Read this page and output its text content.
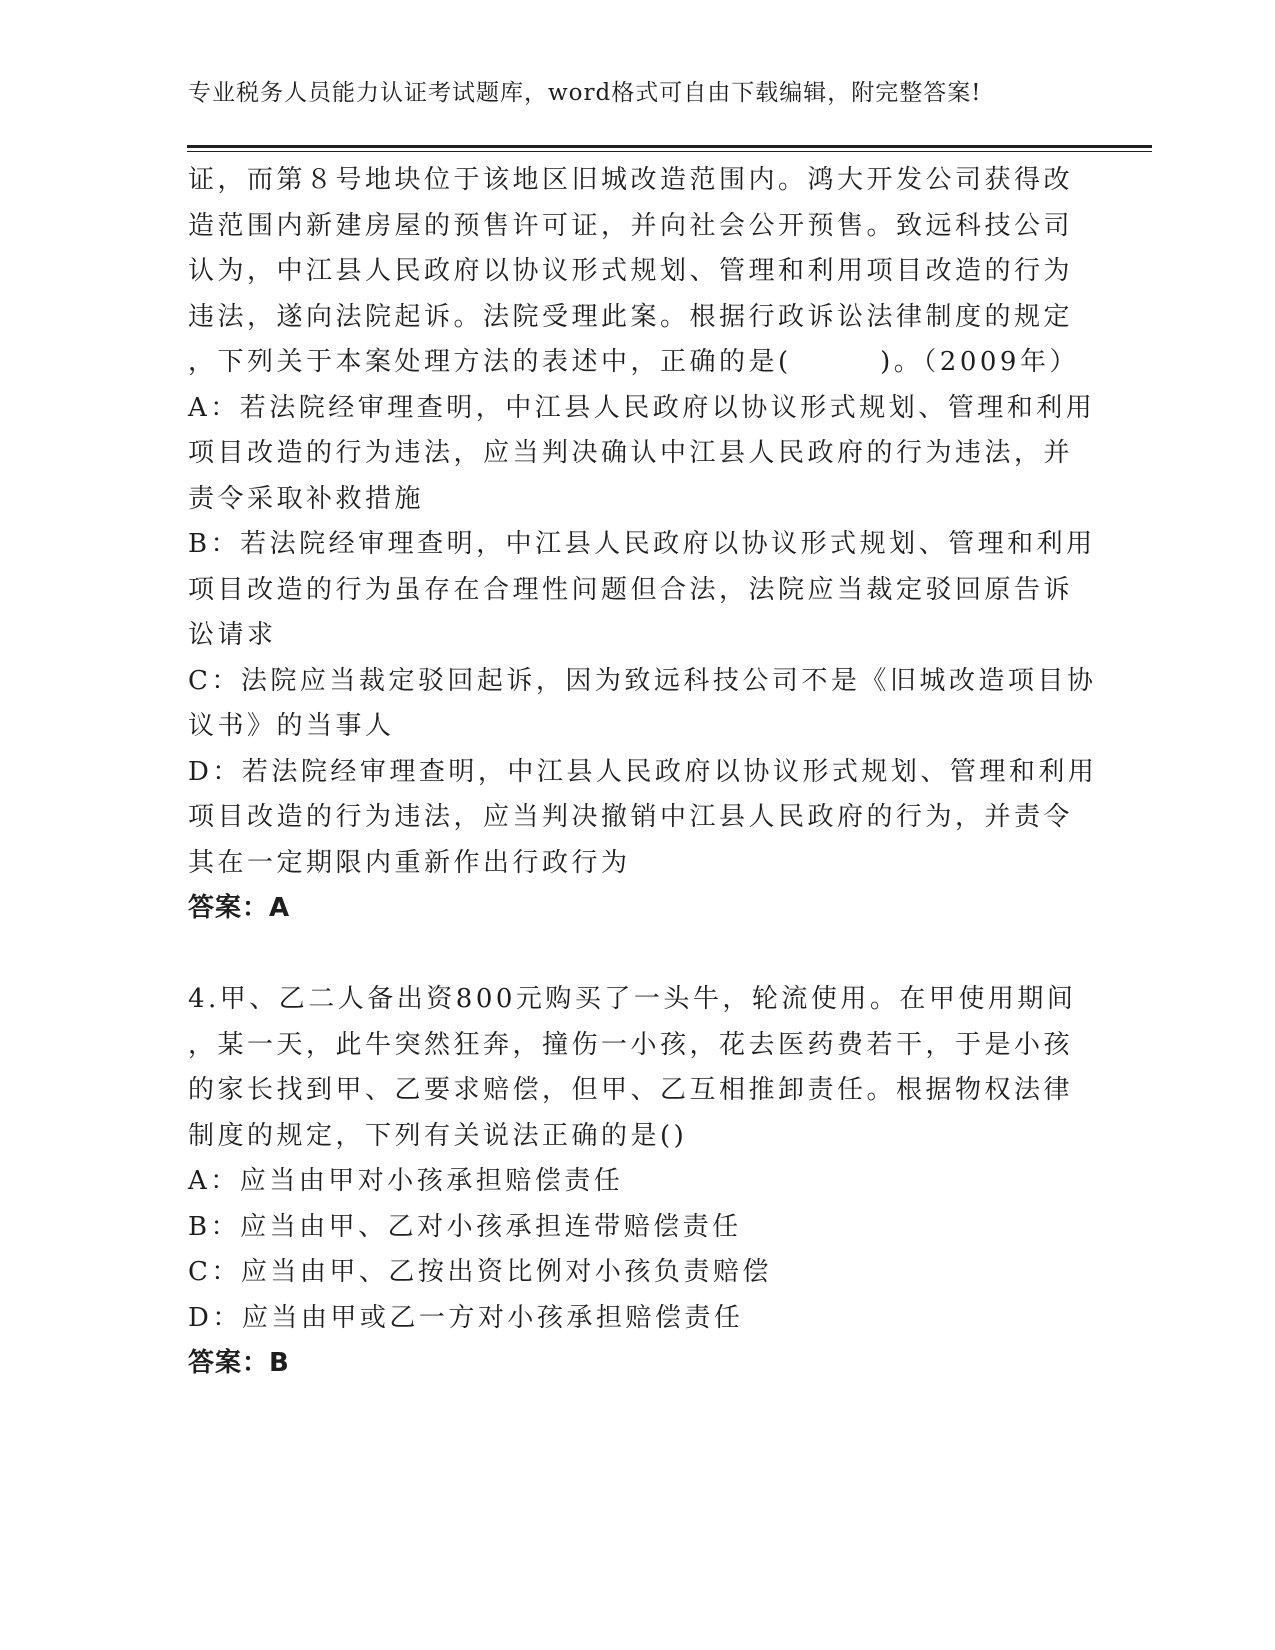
专业税务人员能力认证考试题库，word格式可自由下载编辑，附完整答案!
证，而第８号地块位于该地区旧城改造范围内。鸿大开发公司获得改
造范围内新建房屋的预售许可证，并向社会公开预售。致远科技公司
认为，中江县人民政府以协议形式规划、管理和利用项目改造的行为
违法，遂向法院起诉。法院受理此案。根据行政诉讼法律制度的规定
，下列关于本案处理方法的表述中，正确的是(　　　)。（2009年）
A：若法院经审理查明，中江县人民政府以协议形式规划、管理和利用
项目改造的行为违法，应当判决确认中江县人民政府的行为违法，并
责令采取补救措施
B：若法院经审理查明，中江县人民政府以协议形式规划、管理和利用
项目改造的行为虽存在合理性问题但合法，法院应当裁定驳回原告诉
讼请求
C：法院应当裁定驳回起诉，因为致远科技公司不是《旧城改造项目协
议书》的当事人
D：若法院经审理查明，中江县人民政府以协议形式规划、管理和利用
项目改造的行为违法，应当判决撤销中江县人民政府的行为，并责令
其在一定期限内重新作出行政行为
答案：A
4.甲、乙二人备出资800元购买了一头牛，轮流使用。在甲使用期间
，某一天，此牛突然狂奔，撞伤一小孩，花去医药费若干，于是小孩
的家长找到甲、乙要求赔偿，但甲、乙互相推卸责任。根据物权法律
制度的规定，下列有关说法正确的是()
A：应当由甲对小孩承担赔偿责任
B：应当由甲、乙对小孩承担连带赔偿责任
C：应当由甲、乙按出资比例对小孩负责赔偿
D：应当由甲或乙一方对小孩承担赔偿责任
答案：B
